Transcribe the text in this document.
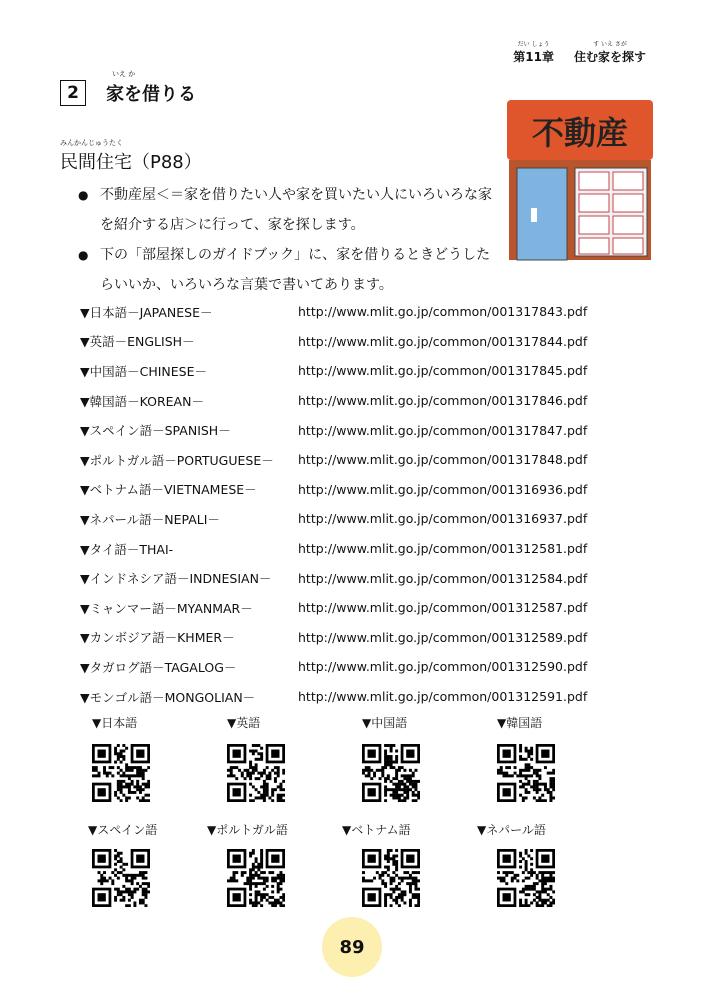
だい しょう
第11章
す いえ さが
住む家を探す
2
いえ か
家を借りる
不動産
みんかんじゅうたく
民間住宅（P88）
● 不動産屋＜＝家を借りたい人や家を買いたい人にいろいろな家を紹介する店＞に行って、家を探します。
● 下の「部屋探しのガイドブック」に、家を借りるときどうしたらいいか、いろいろな言葉で書いてあります。
▼日本語－JAPANESE－	http://www.mlit.go.jp/common/001317843.pdf
▼英語－ENGLISH－	http://www.mlit.go.jp/common/001317844.pdf
▼中国語－CHINESE－	http://www.mlit.go.jp/common/001317845.pdf
▼韓国語－KOREAN－	http://www.mlit.go.jp/common/001317846.pdf
▼スペイン語－SPANISH－	http://www.mlit.go.jp/common/001317847.pdf
▼ポルトガル語－PORTUGUESE－	http://www.mlit.go.jp/common/001317848.pdf
▼ベトナム語－VIETNAMESE－	http://www.mlit.go.jp/common/001316936.pdf
▼ネパール語－NEPALI－	http://www.mlit.go.jp/common/001316937.pdf
▼タイ語－THAI-	http://www.mlit.go.jp/common/001312581.pdf
▼インドネシア語－INDNESIAN－	http://www.mlit.go.jp/common/001312584.pdf
▼ミャンマー語－MYANMAR－	http://www.mlit.go.jp/common/001312587.pdf
▼カンボジア語－KHMER－	http://www.mlit.go.jp/common/001312589.pdf
▼タガログ語－TAGALOG－	http://www.mlit.go.jp/common/001312590.pdf
▼モンゴル語－MONGOLIAN－	http://www.mlit.go.jp/common/001312591.pdf
▼日本語	▼英語	▼中国語	▼韓国語
▼スペイン語	▼ポルトガル語	▼ベトナム語	▼ネパール語
89
